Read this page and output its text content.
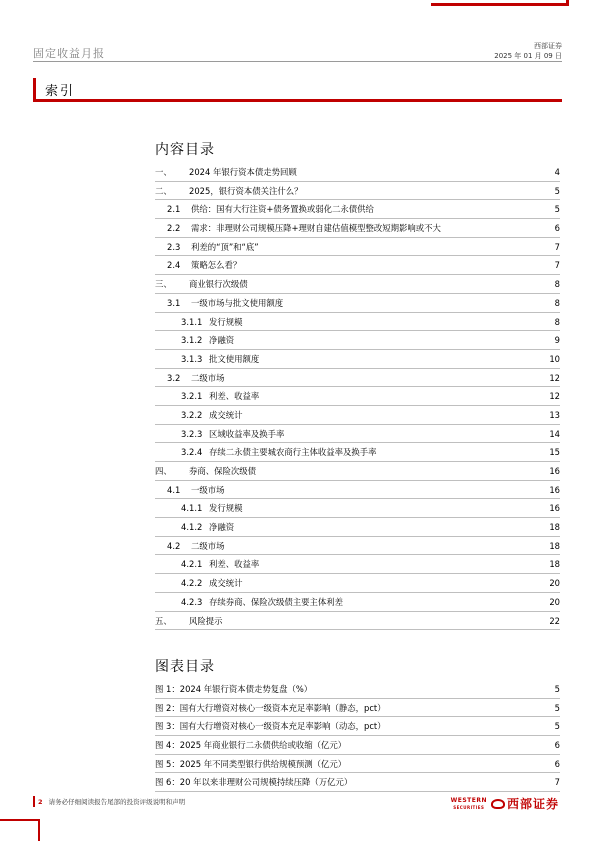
固定收益月报
西部证券
2025 年 01 月 09 日
索引
内容目录
一、	2024 年银行资本债走势回顾	4
二、	2025，银行资本债关注什么？	5
2.1	供给：国有大行注资+债务置换或弱化二永债供给	5
2.2	需求：非理财公司规模压降+理财自建估值模型整改短期影响或不大	6
2.3	利差的“顶”和“底”	7
2.4	策略怎么看？	7
三、	商业银行次级债	8
3.1	一级市场与批文使用额度	8
3.1.1 发行规模	8
3.1.2 净融资	9
3.1.3 批文使用额度	10
3.2	二级市场	12
3.2.1 利差、收益率	12
3.2.2 成交统计	13
3.2.3 区域收益率及换手率	14
3.2.4 存续二永债主要城农商行主体收益率及换手率	15
四、	券商、保险次级债	16
4.1	一级市场	16
4.1.1 发行规模	16
4.1.2 净融资	18
4.2	二级市场	18
4.2.1 利差、收益率	18
4.2.2 成交统计	20
4.2.3 存续券商、保险次级债主要主体利差	20
五、	风险提示	22
图表目录
图 1： 2024 年银行资本债走势复盘（%）	5
图 2： 国有大行增资对核心一级资本充足率影响（静态，pct）	5
图 3： 国有大行增资对核心一级资本充足率影响（动态，pct）	5
图 4： 2025 年商业银行二永债供给或收缩（亿元）	6
图 5： 2025 年不同类型银行供给规模预测（亿元）	6
图 6： 20 年以来非理财公司规模持续压降（万亿元）	7
2 请务必仔细阅读报告尾部的投资评级说明和声明	WESTERN
SECURITIES 西部证券
